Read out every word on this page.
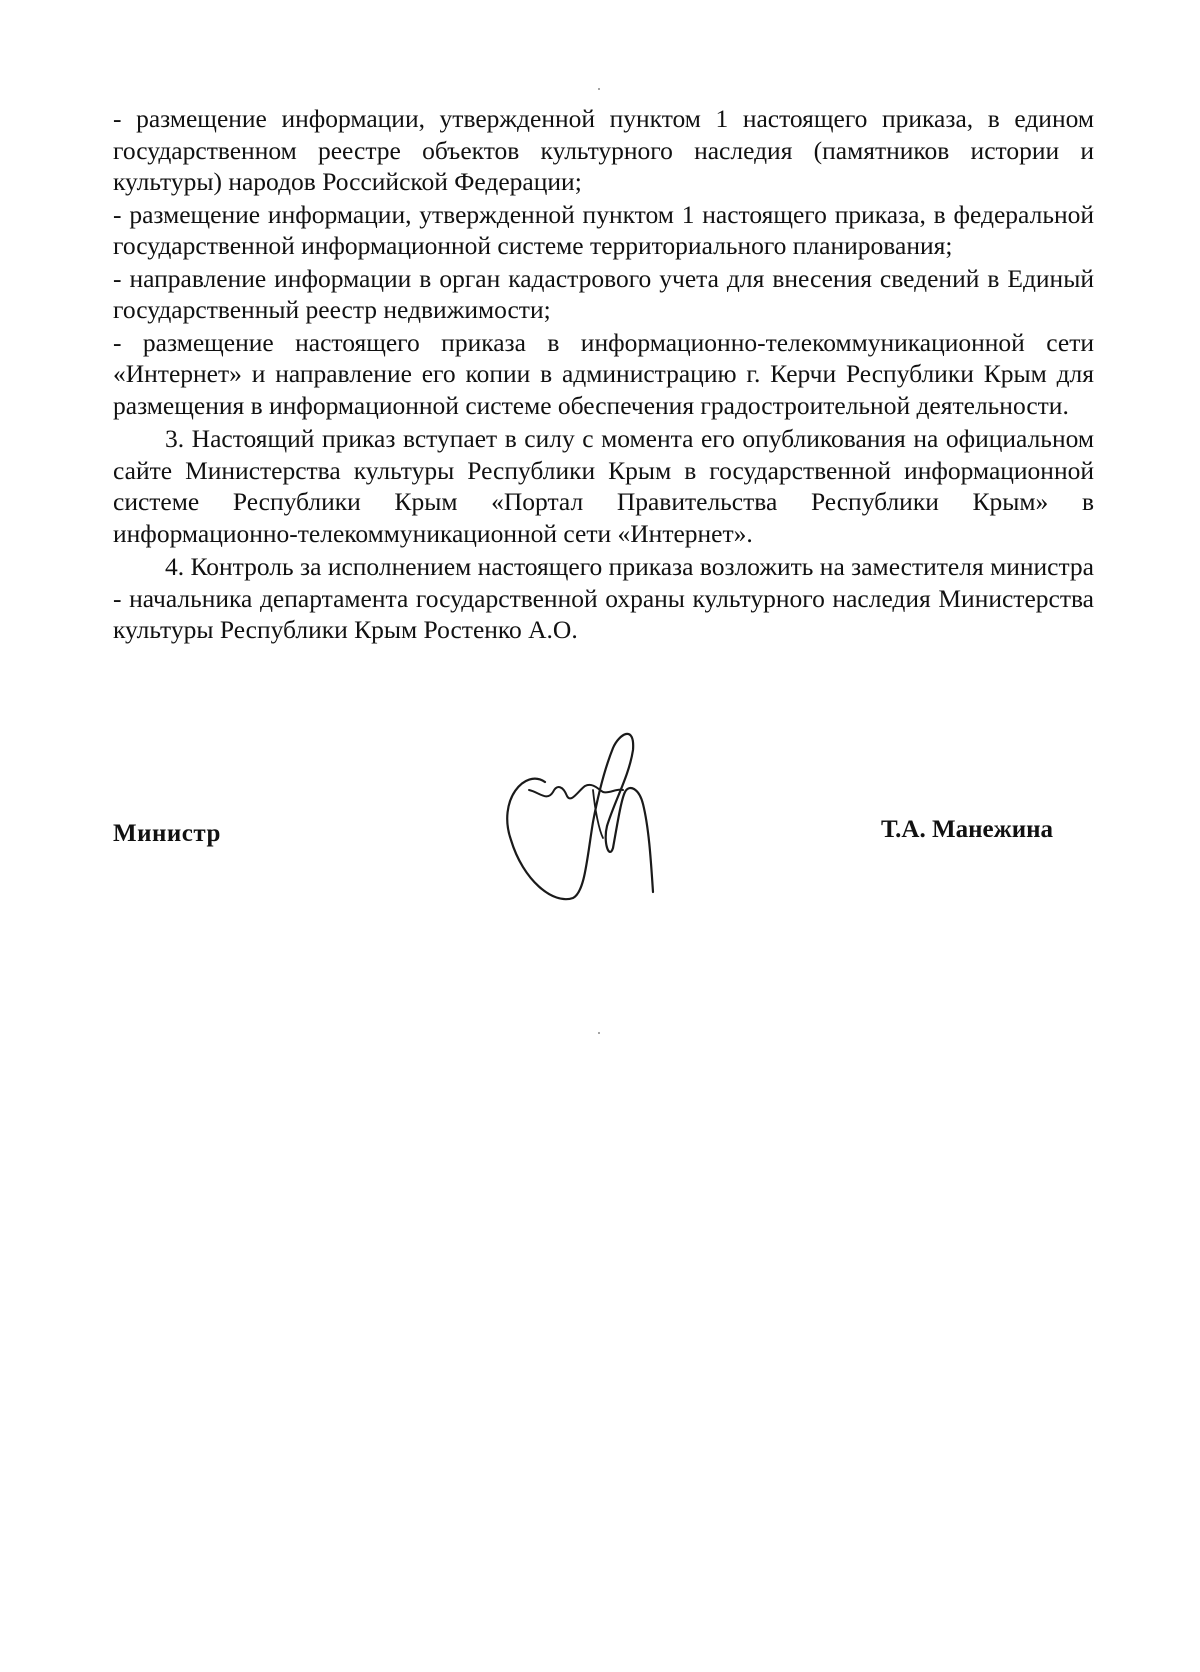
- размещение информации, утвержденной пунктом 1 настоящего приказа, в едином государственном реестре объектов культурного наследия (памятников истории и культуры) народов Российской Федерации;

- размещение информации, утвержденной пунктом 1 настоящего приказа, в федеральной государственной информационной системе территориального планирования;

- направление информации в орган кадастрового учета для внесения сведений в Единый государственный реестр недвижимости;

- размещение настоящего приказа в информационно-телекоммуникационной сети «Интернет» и направление его копии в администрацию г. Керчи Республики Крым для размещения в информационной системе обеспечения градостроительной деятельности.

3. Настоящий приказ вступает в силу с момента его опубликования на официальном сайте Министерства культуры Республики Крым в государственной информационной системе Республики Крым «Портал Правительства Республики Крым» в информационно-телекоммуникационной сети «Интернет».

4. Контроль за исполнением настоящего приказа возложить на заместителя министра - начальника департамента государственной охраны культурного наследия Министерства культуры Республики Крым Ростенко А.О.

Министр	Т.А. Манежина
